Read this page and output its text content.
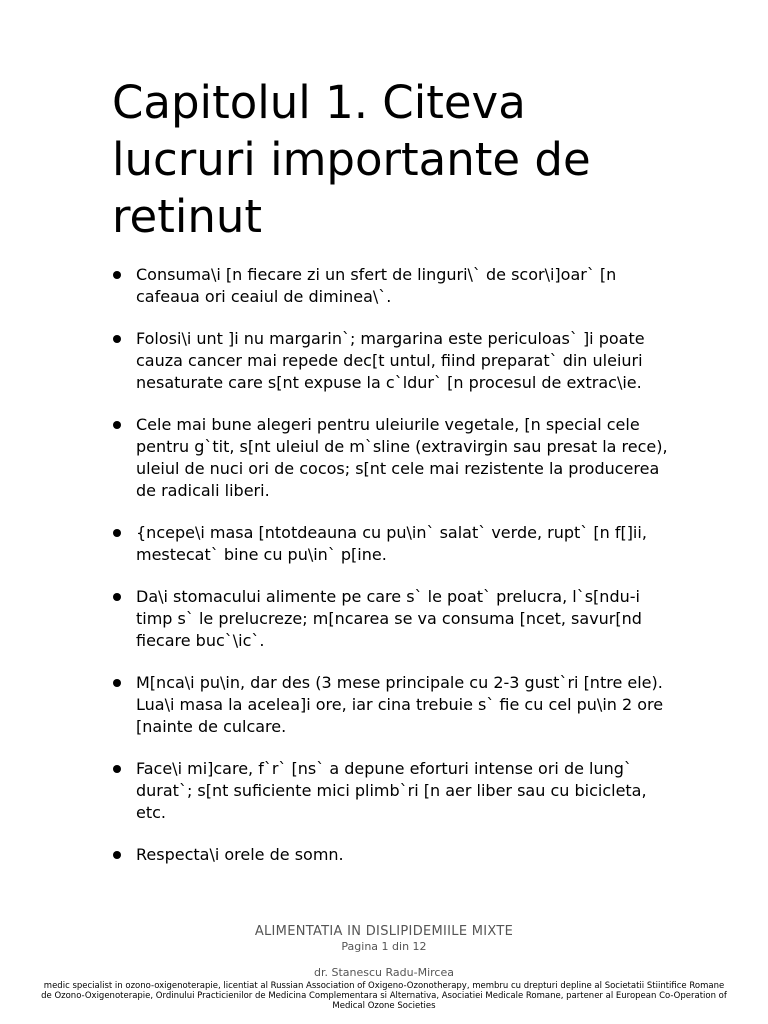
Capitolul 1. Citeva lucruri importante de retinut
Consuma\i [n fiecare zi un sfert de linguri\` de scor\i]oar` [n cafeaua ori ceaiul de diminea\`.
Folosi\i unt ]i nu margarin`; margarina este periculoas` ]i poate cauza cancer mai repede dec[t untul, fiind preparat` din uleiuri nesaturate care s[nt expuse la c`ldur` [n procesul de extrac\ie.
Cele mai bune alegeri pentru uleiurile vegetale, [n special cele pentru g`tit, s[nt uleiul de m`sline (extravirgin sau presat la rece), uleiul de nuci ori de cocos; s[nt cele mai rezistente la producerea de radicali liberi.
{ncepe\i masa [ntotdeauna cu pu\in` salat` verde, rupt` [n f[]ii, mestecat` bine cu pu\in` p[ine.
Da\i stomacului alimente pe care s` le poat` prelucra, l`s[ndu-i timp s` le prelucreze; m[ncarea se va consuma [ncet, savur[nd fiecare buc`\ic`.
M[nca\i pu\in, dar des (3 mese principale cu 2-3 gust`ri [ntre ele). Lua\i masa la acelea]i ore, iar cina trebuie s` fie cu cel pu\in 2 ore [nainte de culcare.
Face\i mi]care, f`r` [ns` a depune eforturi intense ori de lung` durat`; s[nt suficiente mici plimb`ri [n aer liber sau cu bicicleta, etc.
Respecta\i orele de somn.
ALIMENTATIA IN DISLIPIDEMIILE MIXTE
Pagina 1 din 12
dr. Stanescu Radu-Mircea
medic specialist in ozono-oxigenoterapie, licentiat al Russian Association of Oxigeno-Ozonotherapy, membru cu drepturi depline al Societatii Stiintifice Romane de Ozono-Oxigenoterapie, Ordinului Practicienilor de Medicina Complementara si Alternativa, Asociatiei Medicale Romane, partener al European Co-Operation of Medical Ozone Societies
